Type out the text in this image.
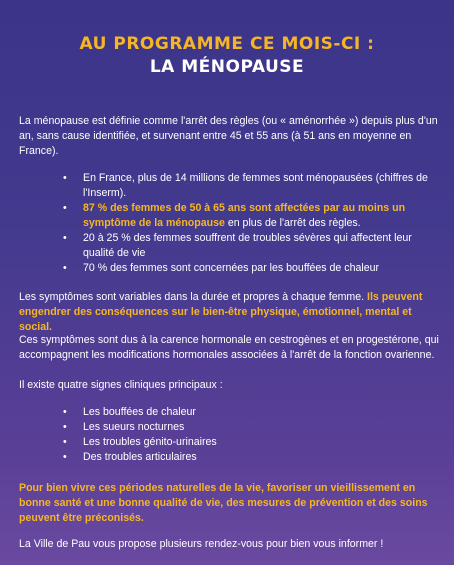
AU PROGRAMME CE MOIS-CI :
LA MÉNOPAUSE
La ménopause est définie comme l'arrêt des règles (ou « aménorrhée ») depuis plus d'un an, sans cause identifiée, et survenant entre 45 et 55 ans (à 51 ans en moyenne en France).
• En France, plus de 14 millions de femmes sont ménopausées (chiffres de l'Inserm).
• 87 % des femmes de 50 à 65 ans sont affectées par au moins un symptôme de la ménopause en plus de l'arrêt des règles.
• 20 à 25 % des femmes souffrent de troubles sévères qui affectent leur qualité de vie
• 70 % des femmes sont concernées par les bouffées de chaleur
Les symptômes sont variables dans la durée et propres à chaque femme. Ils peuvent engendrer des conséquences sur le bien-être physique, émotionnel, mental et social.
Ces symptômes sont dus à la carence hormonale en cestrogènes et en progestérone, qui accompagnent les modifications hormonales associées à l'arrêt de la fonction ovarienne.
Il existe quatre signes cliniques principaux :
• Les bouffées de chaleur
• Les sueurs nocturnes
• Les troubles génito-urinaires
• Des troubles articulaires
Pour bien vivre ces périodes naturelles de la vie, favoriser un vieillissement en bonne santé et une bonne qualité de vie, des mesures de prévention et des soins peuvent être préconisés.
La Ville de Pau vous propose plusieurs rendez-vous pour bien vous informer !
